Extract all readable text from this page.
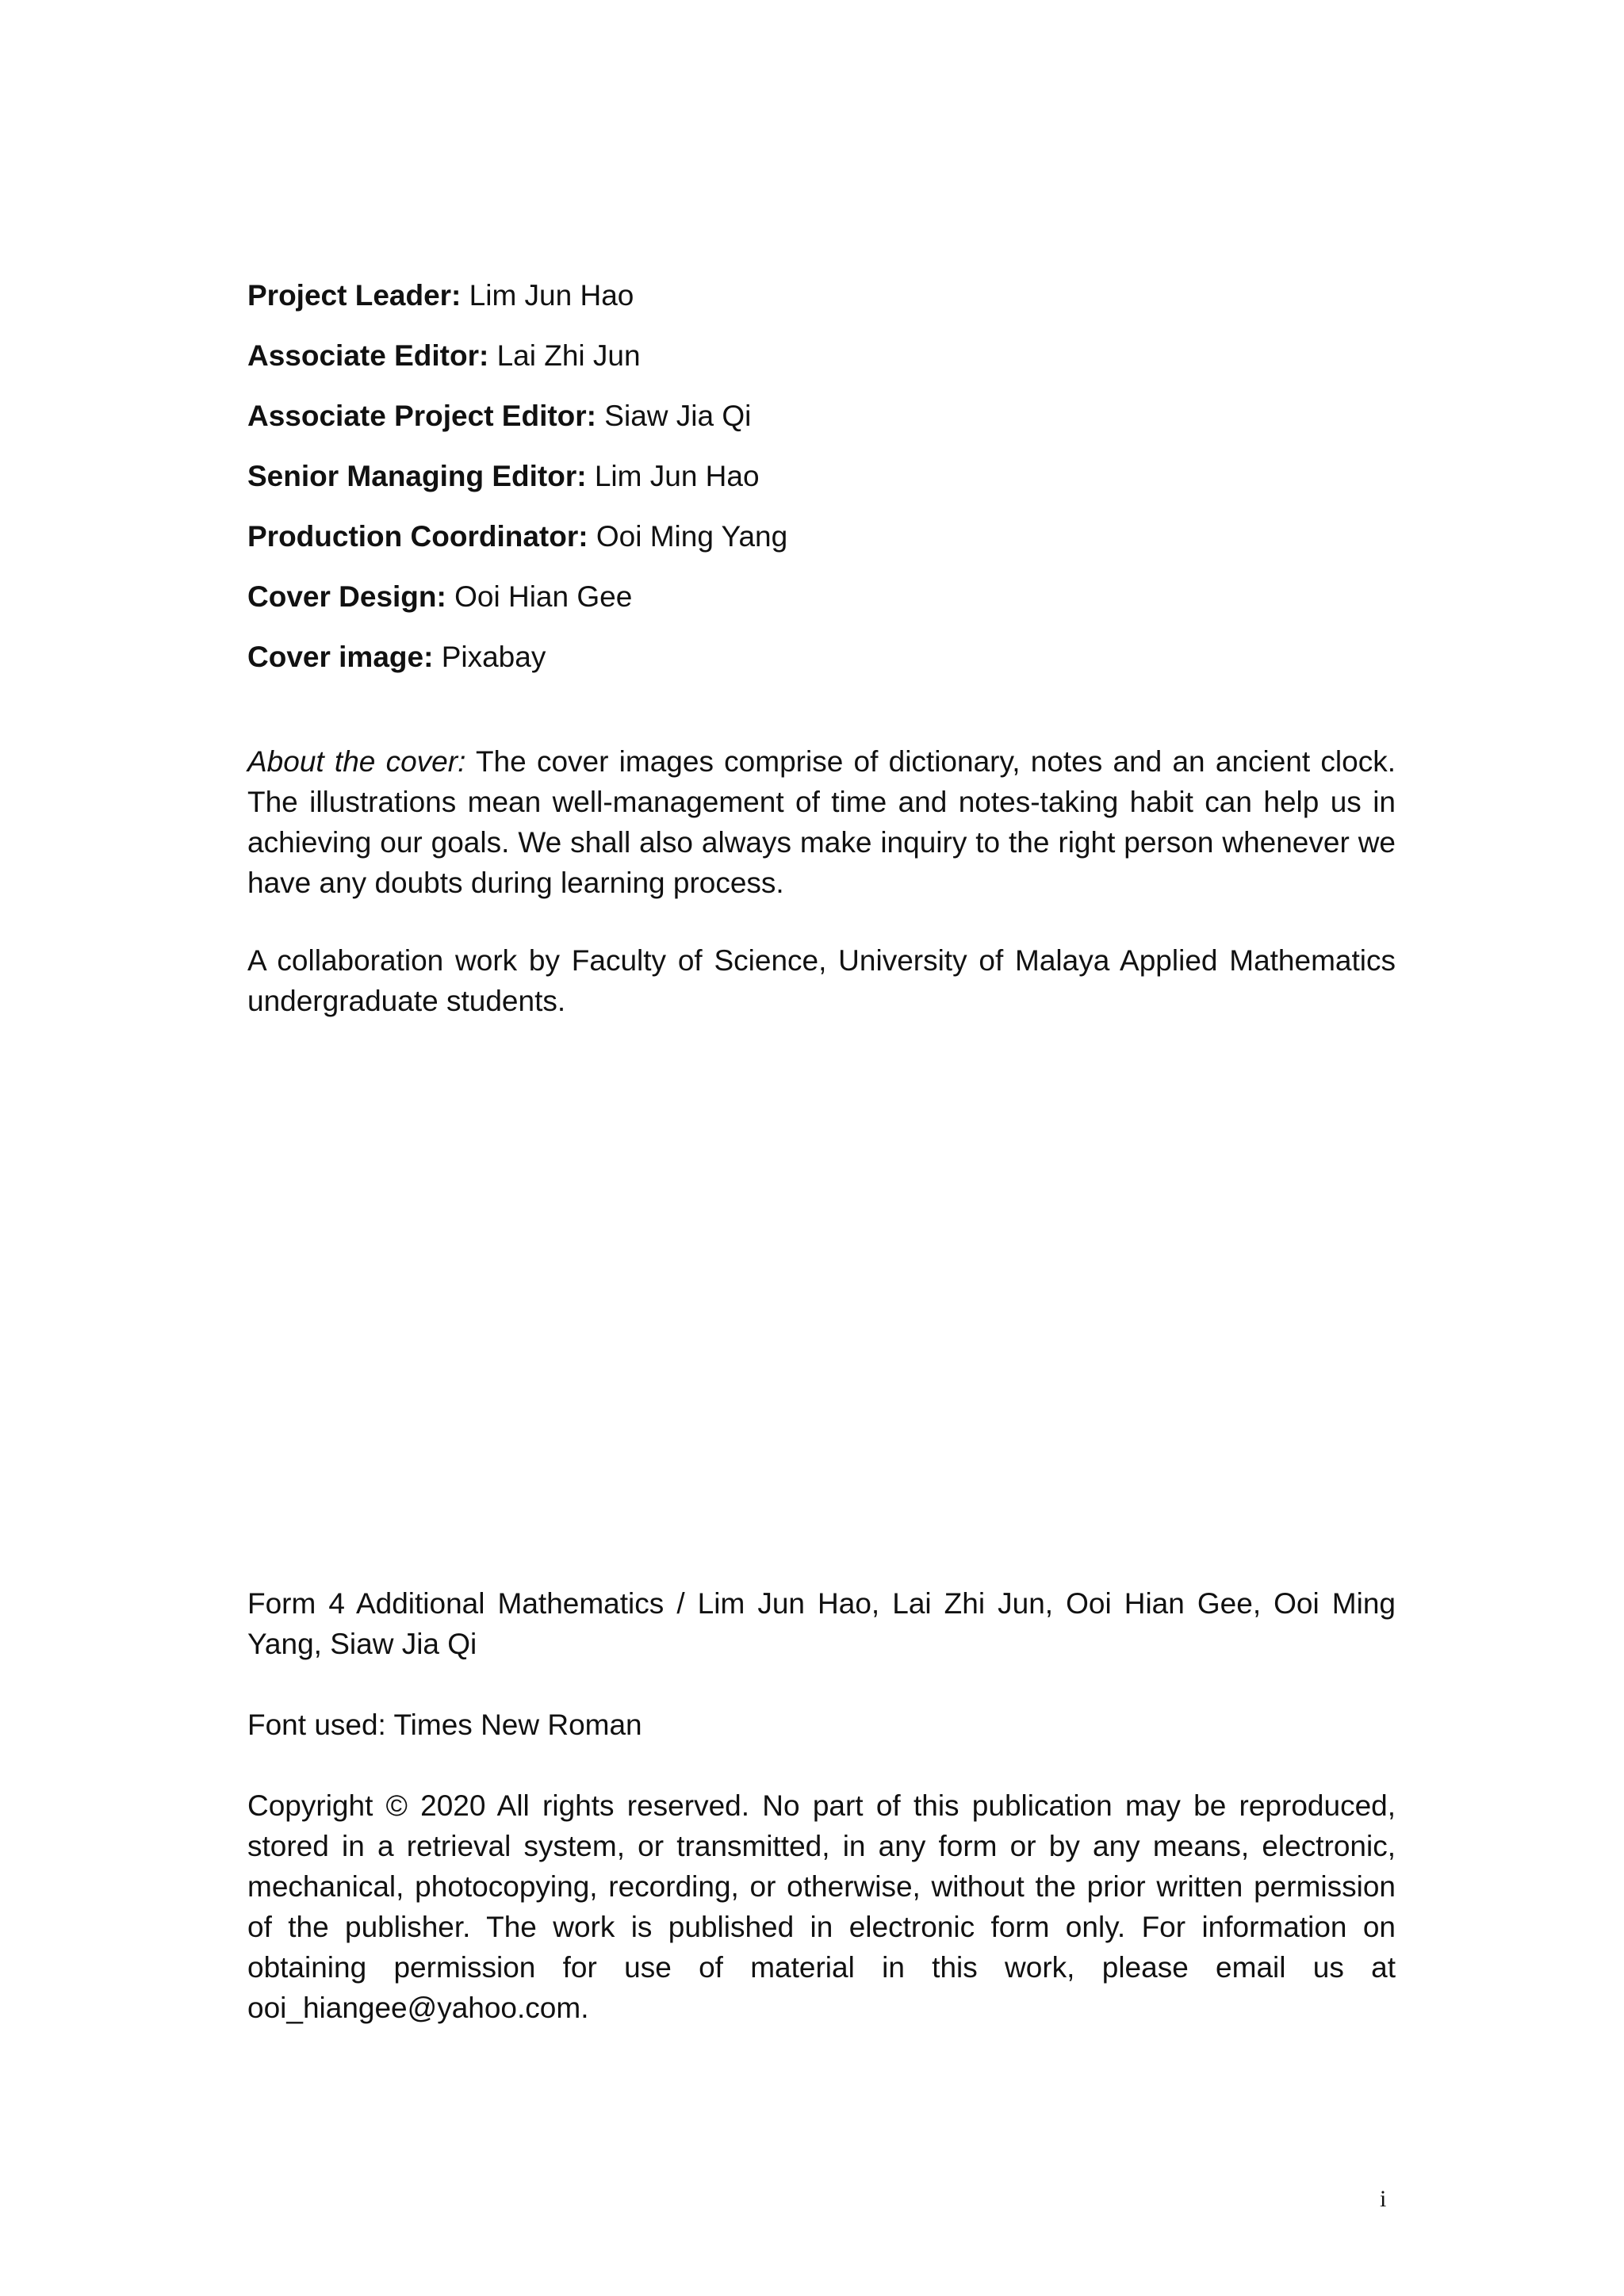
Project Leader: Lim Jun Hao

Associate Editor: Lai Zhi Jun

Associate Project Editor: Siaw Jia Qi

Senior Managing Editor: Lim Jun Hao

Production Coordinator: Ooi Ming Yang

Cover Design: Ooi Hian Gee

Cover image: Pixabay

About the cover: The cover images comprise of dictionary, notes and an ancient clock. The illustrations mean well-management of time and notes-taking habit can help us in achieving our goals. We shall also always make inquiry to the right person whenever we have any doubts during learning process.

A collaboration work by Faculty of Science, University of Malaya Applied Mathematics undergraduate students.

Form 4 Additional Mathematics / Lim Jun Hao, Lai Zhi Jun, Ooi Hian Gee, Ooi Ming Yang, Siaw Jia Qi

Font used: Times New Roman

Copyright © 2020 All rights reserved. No part of this publication may be reproduced, stored in a retrieval system, or transmitted, in any form or by any means, electronic, mechanical, photocopying, recording, or otherwise, without the prior written permission of the publisher. The work is published in electronic form only. For information on obtaining permission for use of material in this work, please email us at ooi_hiangee@yahoo.com.

i
